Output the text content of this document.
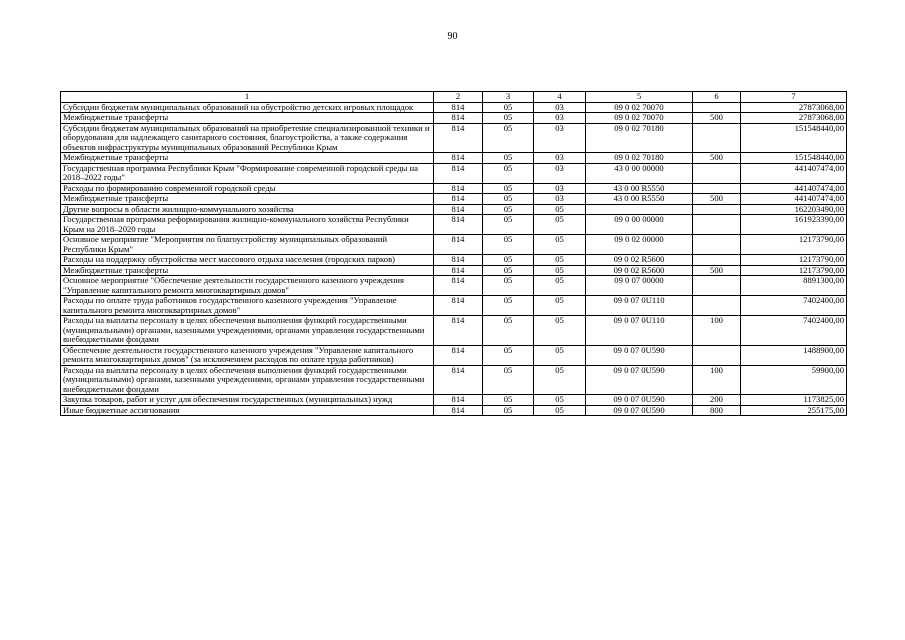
90
1	2	3	4	5	6	7
Субсидии бюджетам муниципальных образований на обустройство детских игровых площадок	814	05	03	09 0 02 70070		27873068,00
Межбюджетные трансферты	814	05	03	09 0 02 70070	500	27873068,00
Субсидии бюджетам муниципальных образований на приобретение специализированной техники и оборудования для надлежащего санитарного состояния, благоустройства, а также содержания объектов инфраструктуры муниципальных образований Республики Крым	814	05	03	09 0 02 70180		151548440,00
Межбюджетные трансферты	814	05	03	09 0 02 70180	500	151548440,00
Государственная программа Республики Крым "Формирование современной городской среды на 2018–2022 годы"	814	05	03	43 0 00 00000		441407474,00
Расходы по формированию современной городской среды	814	05	03	43 0 00 R5550		441407474,00
Межбюджетные трансферты	814	05	03	43 0 00 R5550	500	441407474,00
Другие вопросы в области жилищно-коммунального хозяйства	814	05	05			162203490,00
Государственная программа реформирования жилищно-коммунального хозяйства Республики Крым на 2018–2020 годы	814	05	05	09 0 00 00000		161923390,00
Основное мероприятие "Мероприятия по благоустройству муниципальных образований Республики Крым"	814	05	05	09 0 02 00000		12173790,00
Расходы на поддержку обустройства мест массового отдыха населения (городских парков)	814	05	05	09 0 02 R5600		12173790,00
Межбюджетные трансферты	814	05	05	09 0 02 R5600	500	12173790,00
Основное мероприятие "Обеспечение деятельности государственного казенного учреждения "Управление капитального ремонта многоквартирных домов"	814	05	05	09 0 07 00000		8891300,00
Расходы по оплате труда работников государственного казенного учреждения "Управление капитального ремонта многоквартирных домов"	814	05	05	09 0 07 0U110		7402400,00
Расходы на выплаты персоналу в целях обеспечения выполнения функций государственными (муниципальными) органами, казенными учреждениями, органами управления государственными внебюджетными фондами	814	05	05	09 0 07 0U110	100	7402400,00
Обеспечение деятельности государственного казенного учреждения "Управление капитального ремонта многоквартирных домов" (за исключением расходов по оплате труда работников)	814	05	05	09 0 07 0U590		1488900,00
Расходы на выплаты персоналу в целях обеспечения выполнения функций государственными (муниципальными) органами, казенными учреждениями, органами управления государственными внебюджетными фондами	814	05	05	09 0 07 0U590	100	59900,00
Закупка товаров, работ и услуг для обеспечения государственных (муниципальных) нужд	814	05	05	09 0 07 0U590	200	1173825,00
Иные бюджетные ассигнования	814	05	05	09 0 07 0U590	800	255175,00
